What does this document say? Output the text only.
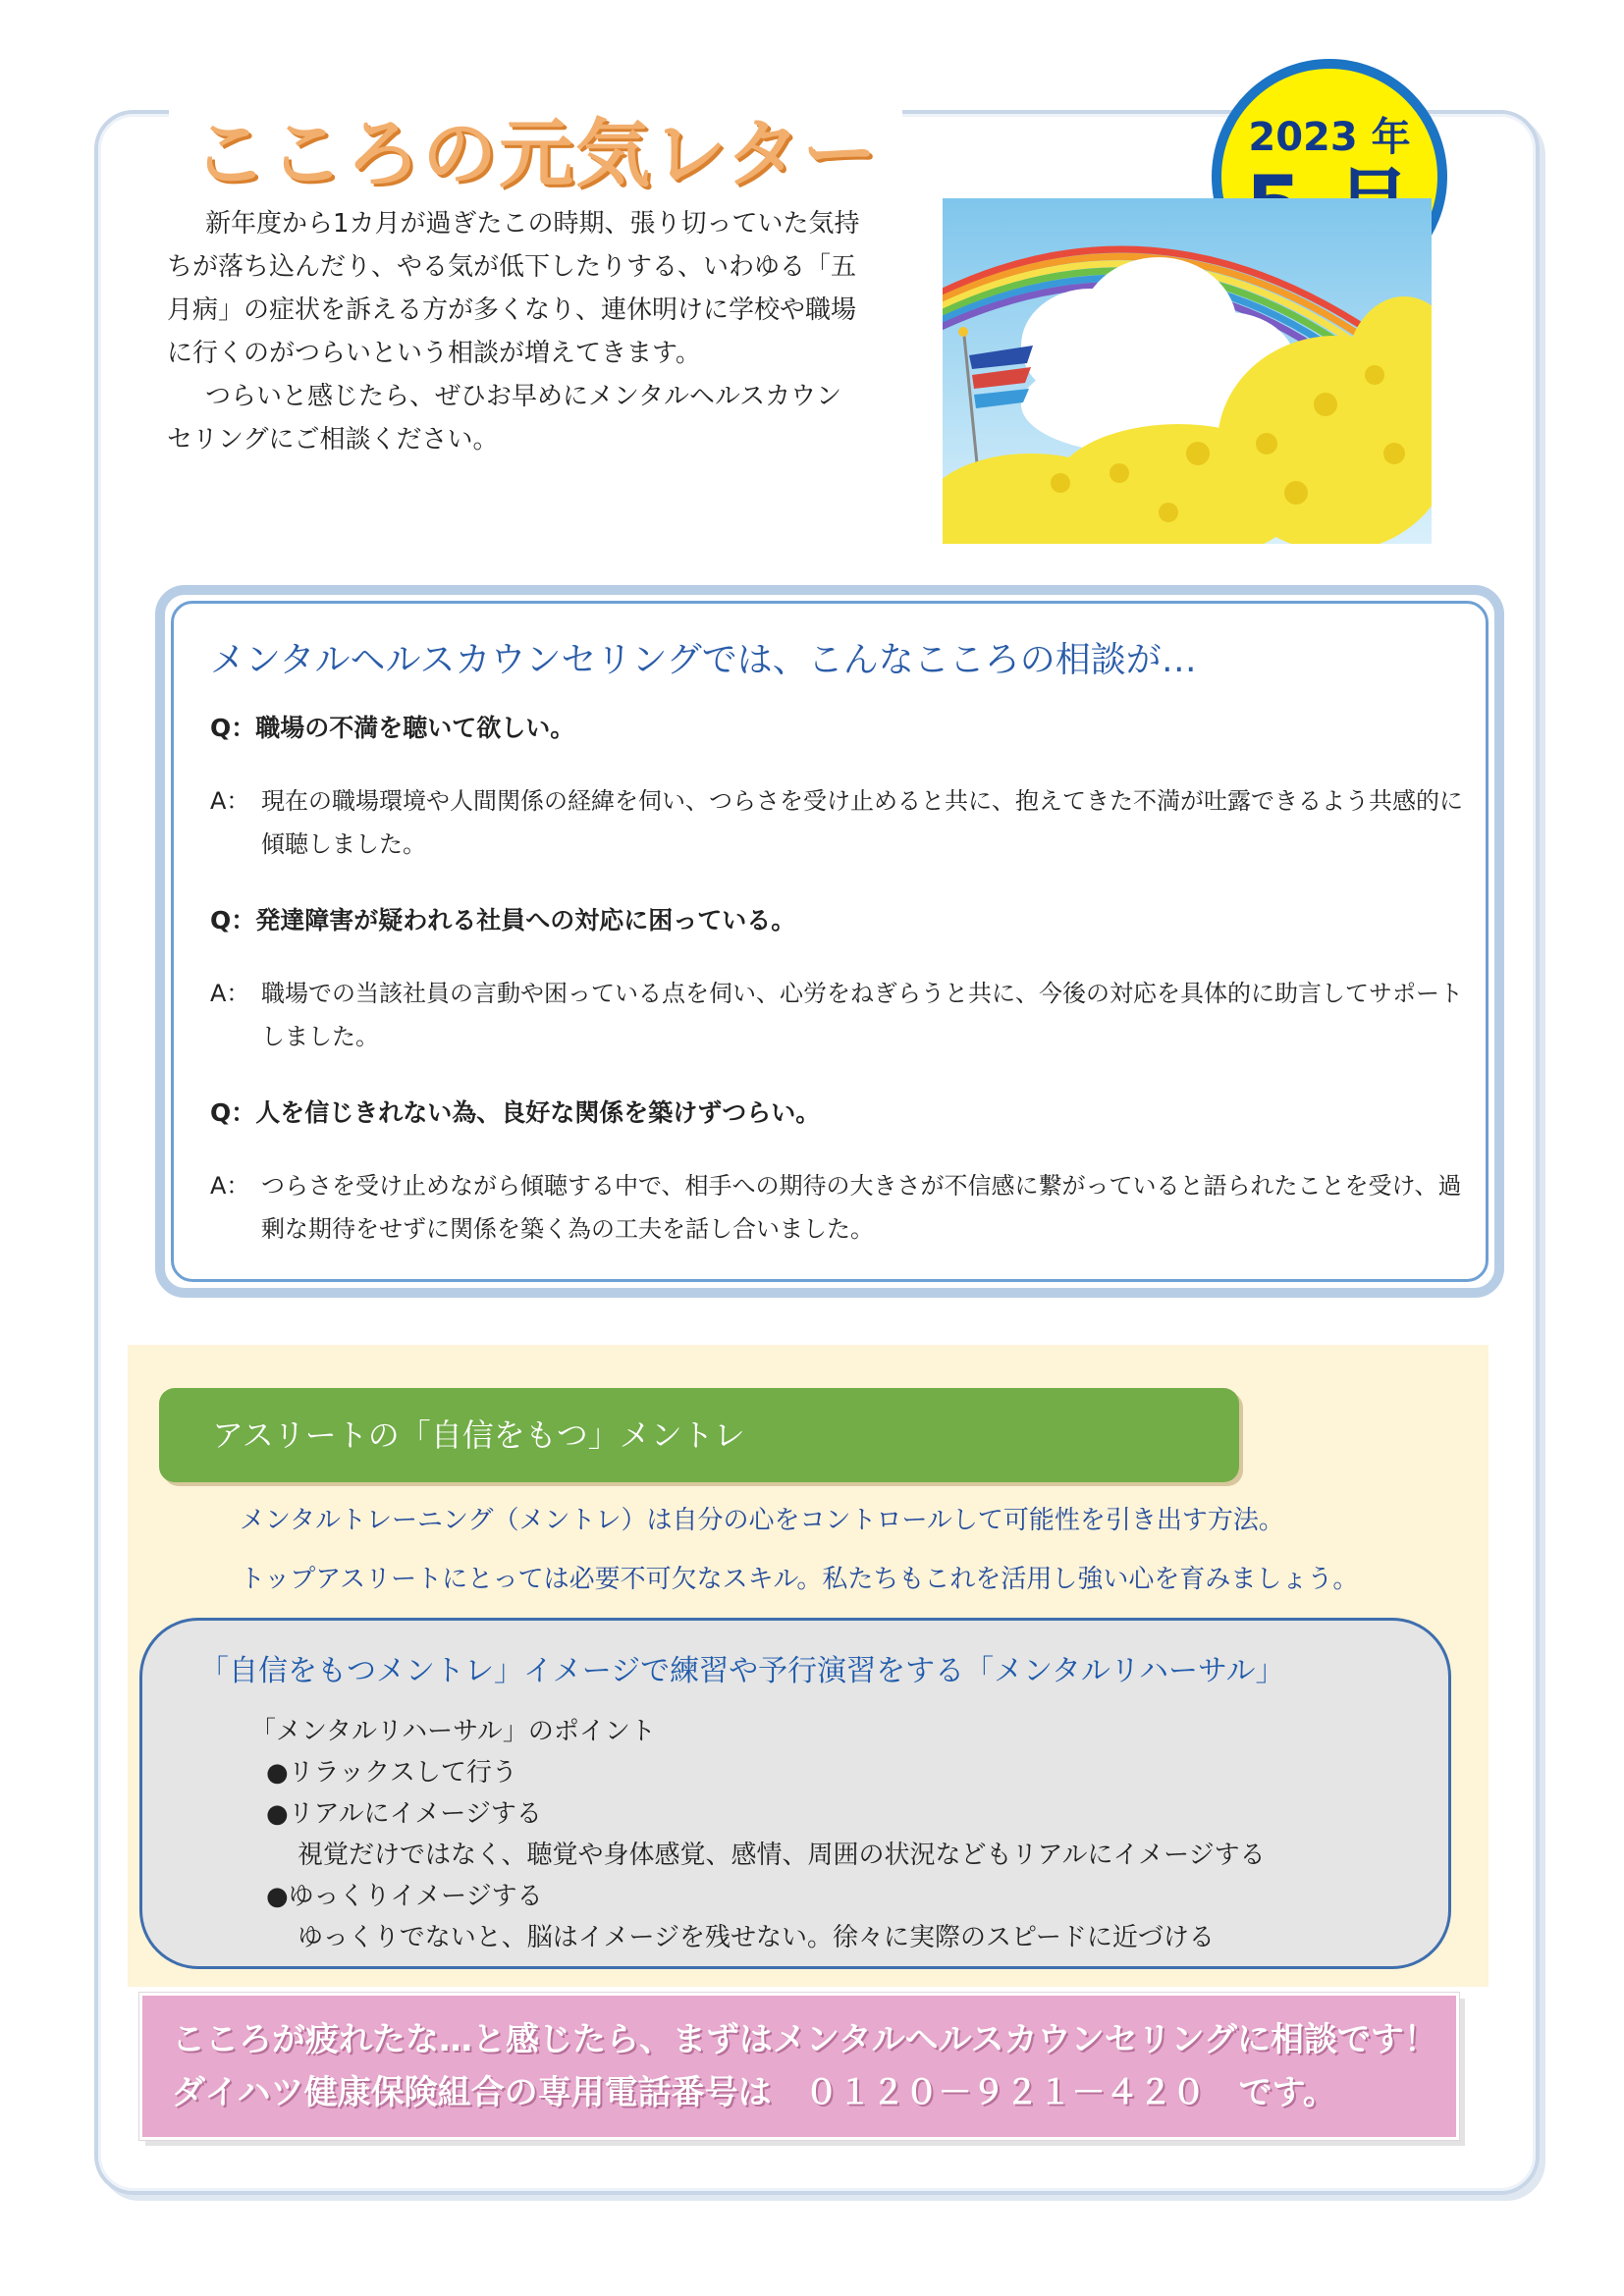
こころの元気レター	2023 年

新年度から1カ月が過ぎたこの時期、張り切っていた気持ちが落ち込んだり、やる気が低下したりする、いわゆる「五月病」の症状を訴える方が多くなり、連休明けに学校や職場に行くのがつらいという相談が増えてきます。

つらいと感じたら、ぜひお早めにメンタルヘルスカウンセリングにご相談ください。

メンタルヘルスカウンセリングでは、こんなこころの相談が…

Q：職場の不満を聴いて欲しい。

A： 現在の職場環境や人間関係の経緯を伺い、つらさを受け止めると共に、抱えてきた不満が吐露できるよう共感的に傾聴しました。

Q：発達障害が疑われる社員への対応に困っている。

A： 職場での当該社員の言動や困っている点を伺い、心労をねぎらうと共に、今後の対応を具体的に助言してサポートしました。

Q：人を信じきれない為、良好な関係を築けずつらい。

A： つらさを受け止めながら傾聴する中で、相手への期待の大きさが不信感に繋がっていると語られたことを受け、過剰な期待をせずに関係を築く為の工夫を話し合いました。

アスリートの「自信をもつ」メントレ
メンタルトレーニング（メントレ）は自分の心をコントロールして可能性を引き出す方法。
トップアスリートにとっては必要不可欠なスキル。私たちもこれを活用し強い心を育みましょう。
「自信をもつメントレ」イメージで練習や予行演習をする「メンタルリハーサル」
「メンタルリハーサル」のポイント
●リラックスして行う
●リアルにイメージする
視覚だけではなく、聴覚や身体感覚、感情、周囲の状況などもリアルにイメージする
●ゆっくりイメージする
ゆっくりでないと、脳はイメージを残せない。徐々に実際のスピードに近づける
こころが疲れたな…と感じたら、まずはメンタルヘルスカウンセリングに相談です！
ダイハツ健康保険組合の専用電話番号は　０１２０－９２１－４２０　です。
